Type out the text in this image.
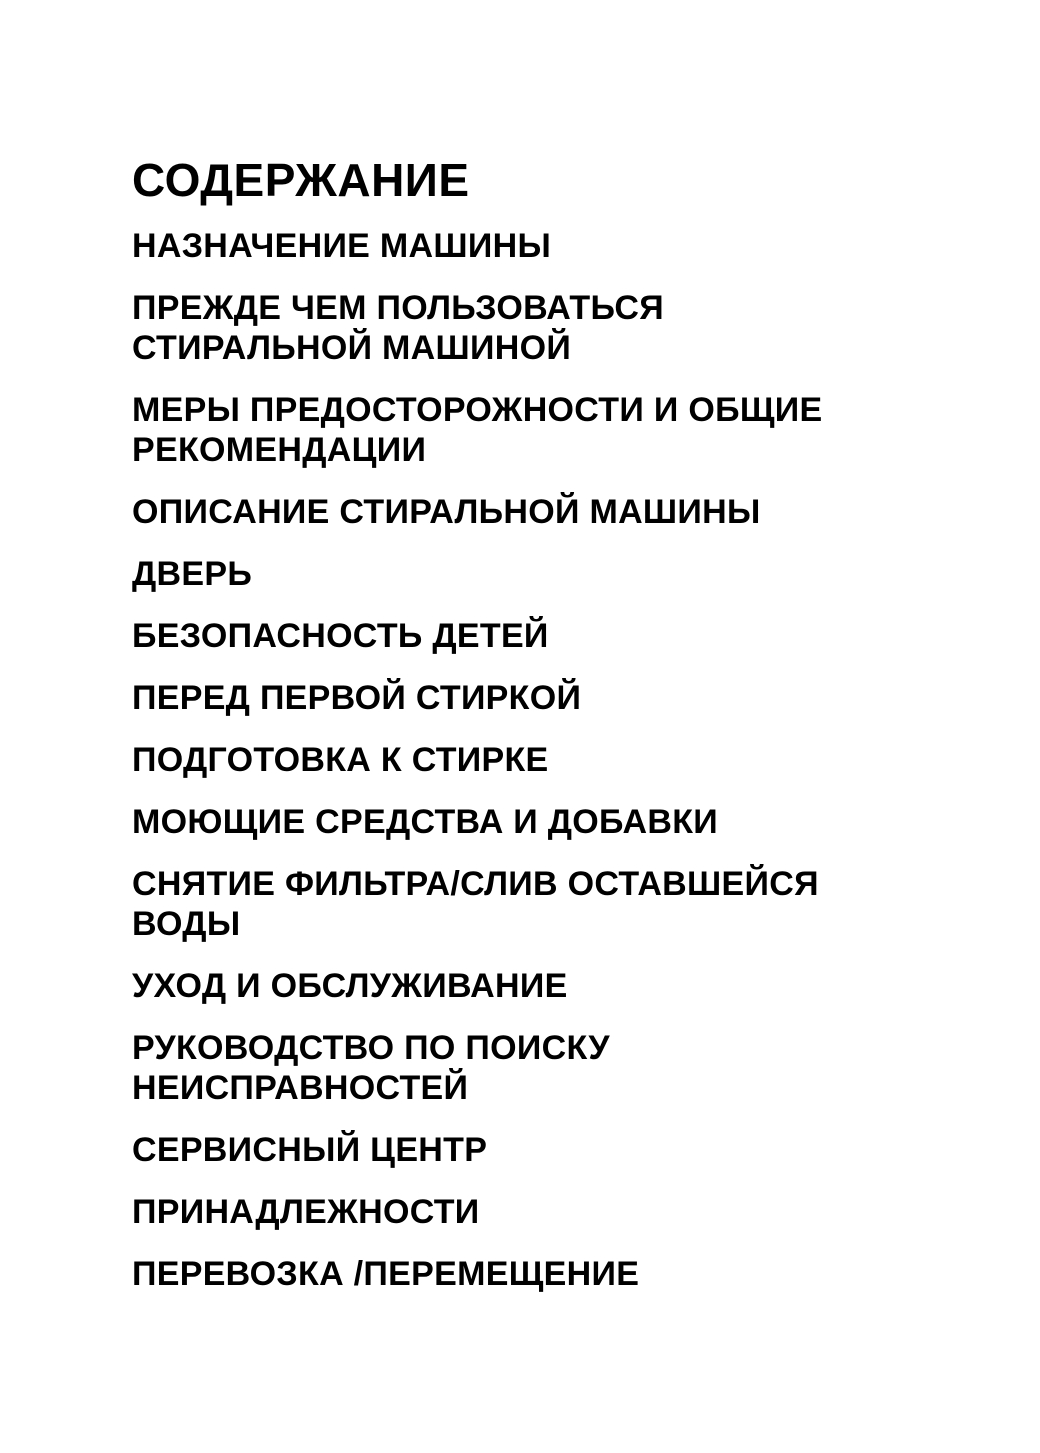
СОДЕРЖАНИЕ
НАЗНАЧЕНИЕ МАШИНЫ
ПРЕЖДЕ ЧЕМ ПОЛЬЗОВАТЬСЯ
СТИРАЛЬНОЙ МАШИНОЙ
МЕРЫ ПРЕДОСТОРОЖНОСТИ И ОБЩИЕ
РЕКОМЕНДАЦИИ
ОПИСАНИЕ СТИРАЛЬНОЙ МАШИНЫ
ДВЕРЬ
БЕЗОПАСНОСТЬ ДЕТЕЙ
ПЕРЕД ПЕРВОЙ СТИРКОЙ
ПОДГОТОВКА К СТИРКЕ
МОЮЩИЕ СРЕДСТВА И ДОБАВКИ
СНЯТИЕ ФИЛЬТРА/СЛИВ ОСТАВШЕЙСЯ
ВОДЫ
УХОД И ОБСЛУЖИВАНИЕ
РУКОВОДСТВО ПО ПОИСКУ
НЕИСПРАВНОСТЕЙ
СЕРВИСНЫЙ ЦЕНТР
ПРИНАДЛЕЖНОСТИ
ПЕРЕВОЗКА /ПЕРЕМЕЩЕНИЕ
